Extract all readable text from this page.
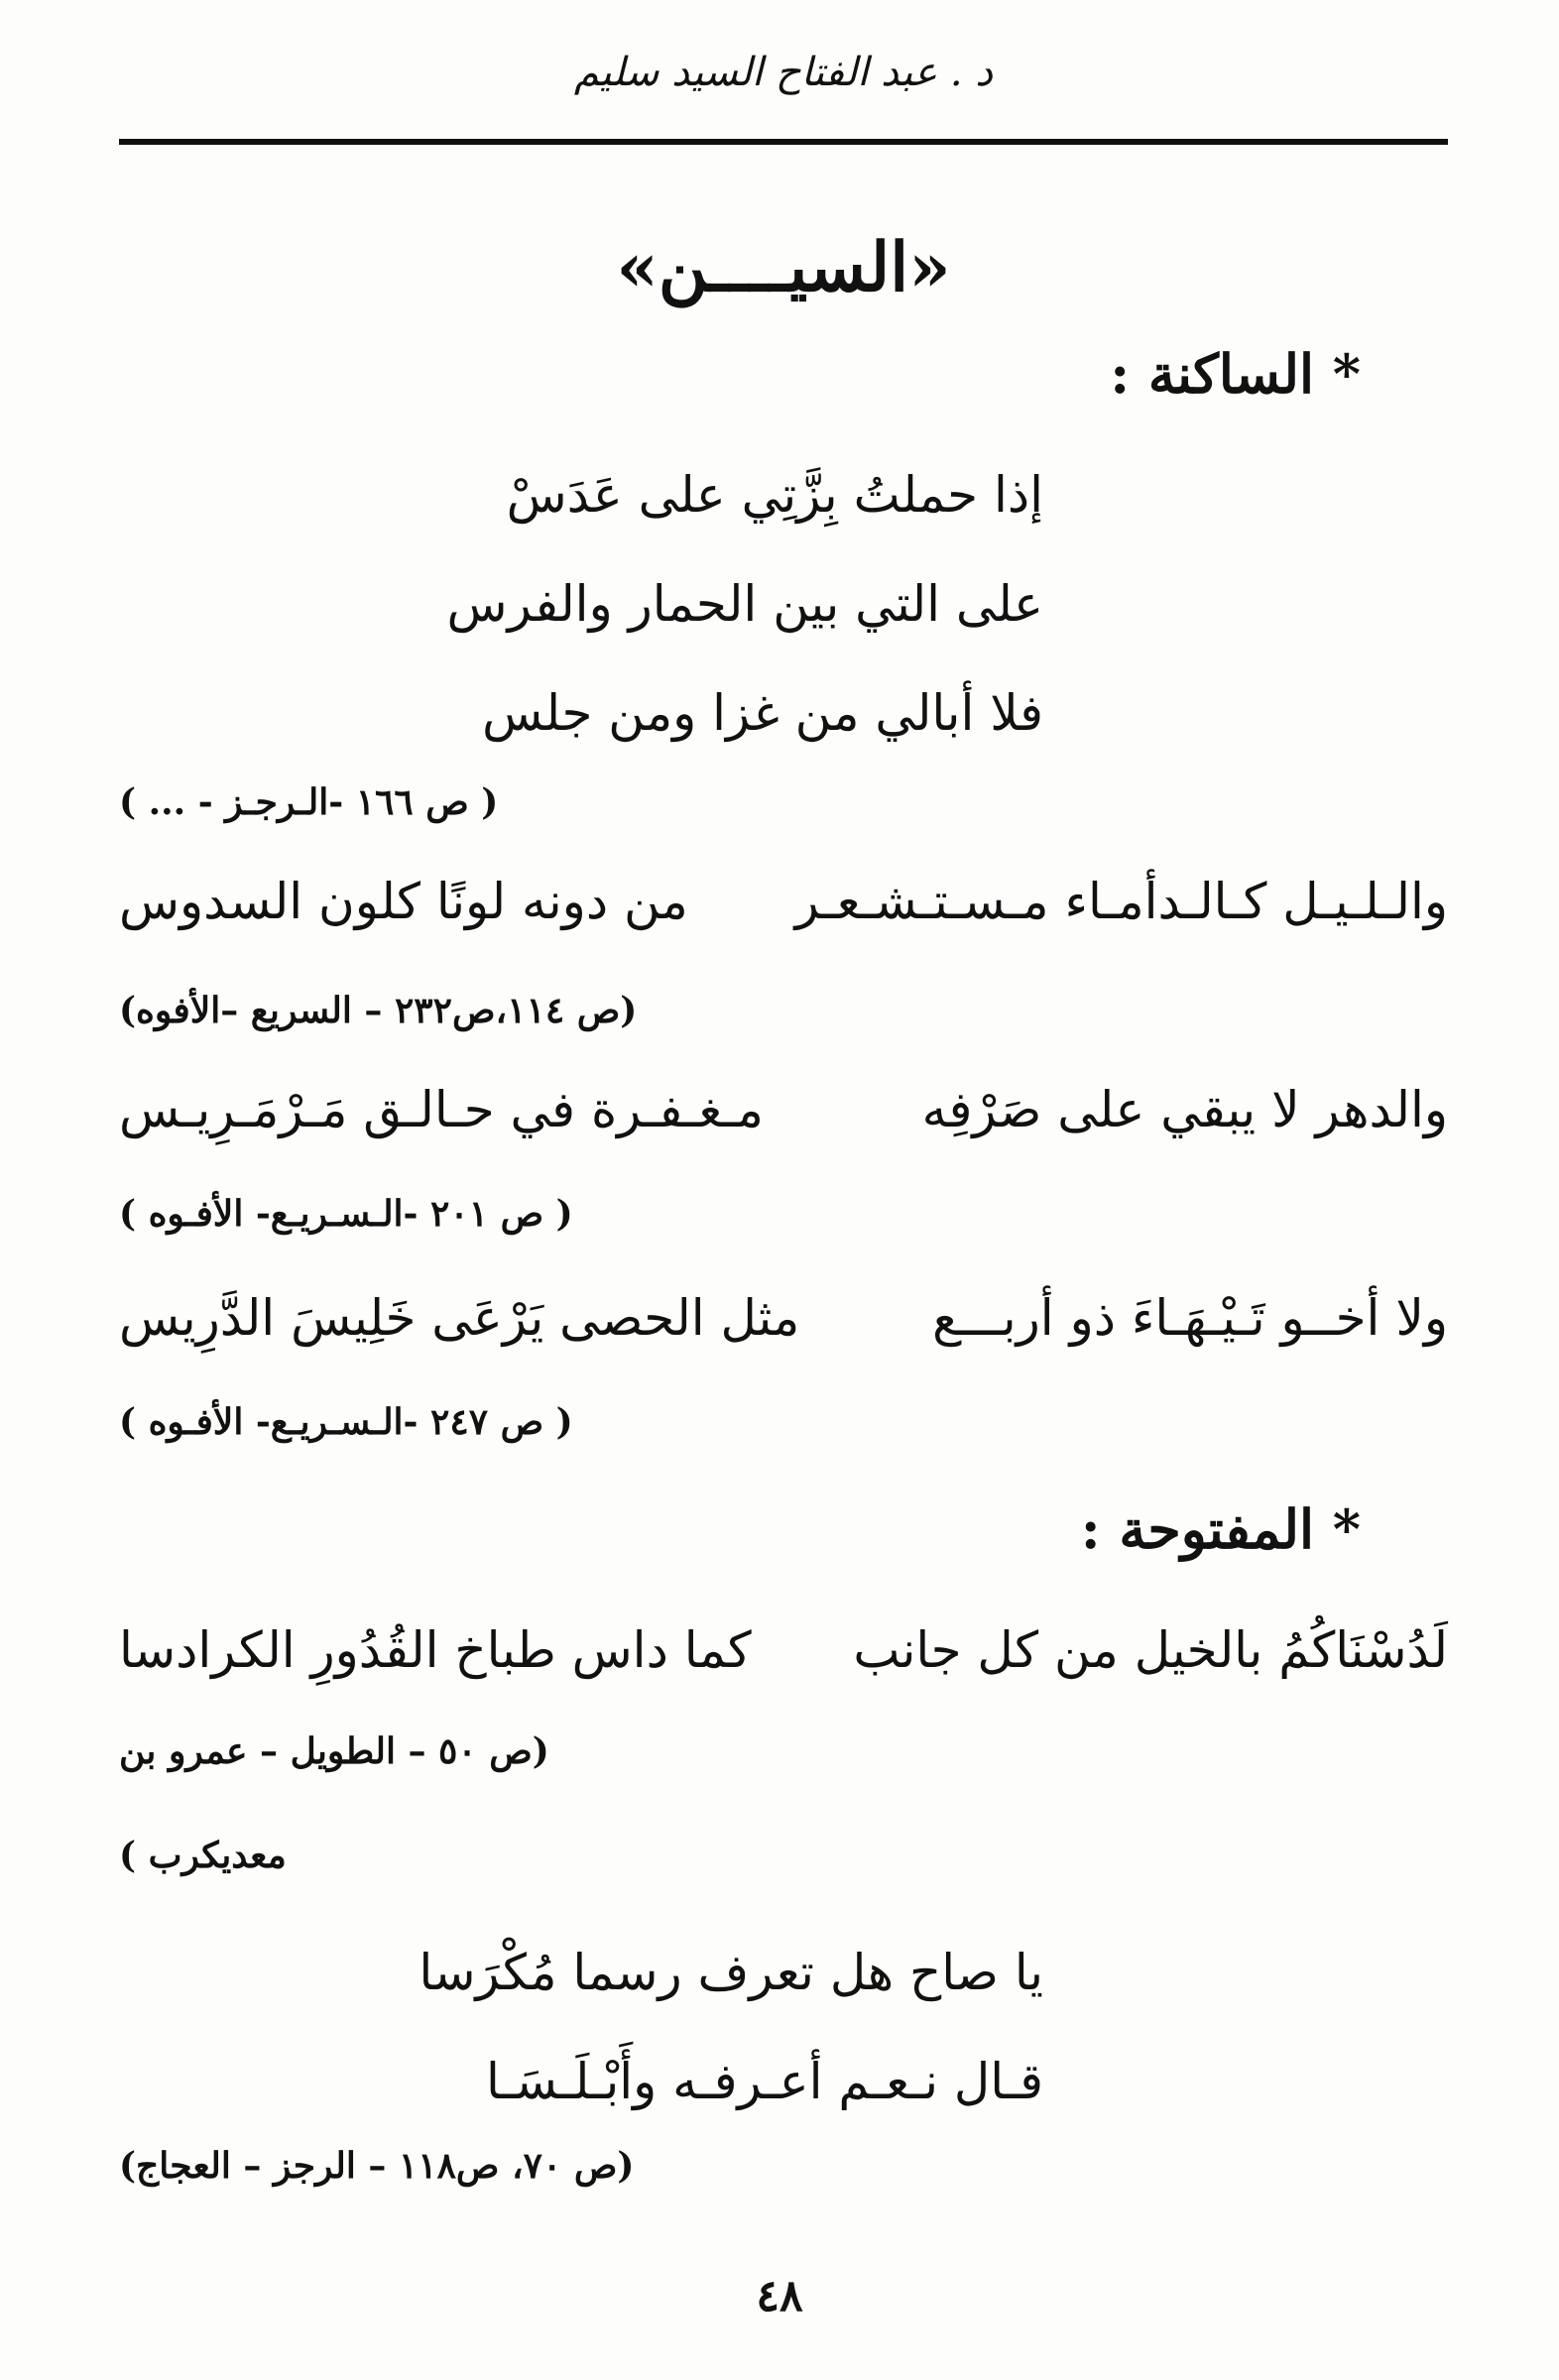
د . عبد الفتاح السيد سليم
«السيــــن»
* الساكنة :
إذا حملتُ بِزَّتِي على عَدَسْ
على التي بين الحمار والفرس
فلا أبالي من غزا ومن جلس
( ص ١٦٦ -الـرجـز - ... )
والـلـيـل كـالـدأمـاء مـسـتـشـعـر
من دونه لونًا كلون السدوس
(ص ١١٤،ص٢٣٢ – السريع –الأفوه)
والدهر لا يبقي على صَرْفِه
مـغـفـرة في حـالـق مَـرْمَـرِيـس
( ص ٢٠١ -الـسـريـع- الأفـوه )
ولا أخــو تَـيْـهَـاءَ ذو أربـــع
مثل الحصى يَرْعَى خَلِيسَ الدَّرِيس
( ص ٢٤٧ -الـسـريـع- الأفـوه )
* المفتوحة :
لَدُسْنَاكُمُ بالخيل من كل جانب
كما داس طباخ القُدُورِ الكرادسا
(ص ٥٠ – الطويل – عمرو بن
معديكرب )
يا صاح هل تعرف رسما مُكْرَسا
قـال نـعـم أعـرفـه وأَبْـلَـسَـا
(ص ٧٠، ص١١٨ – الرجز – العجاج)
٤٨
